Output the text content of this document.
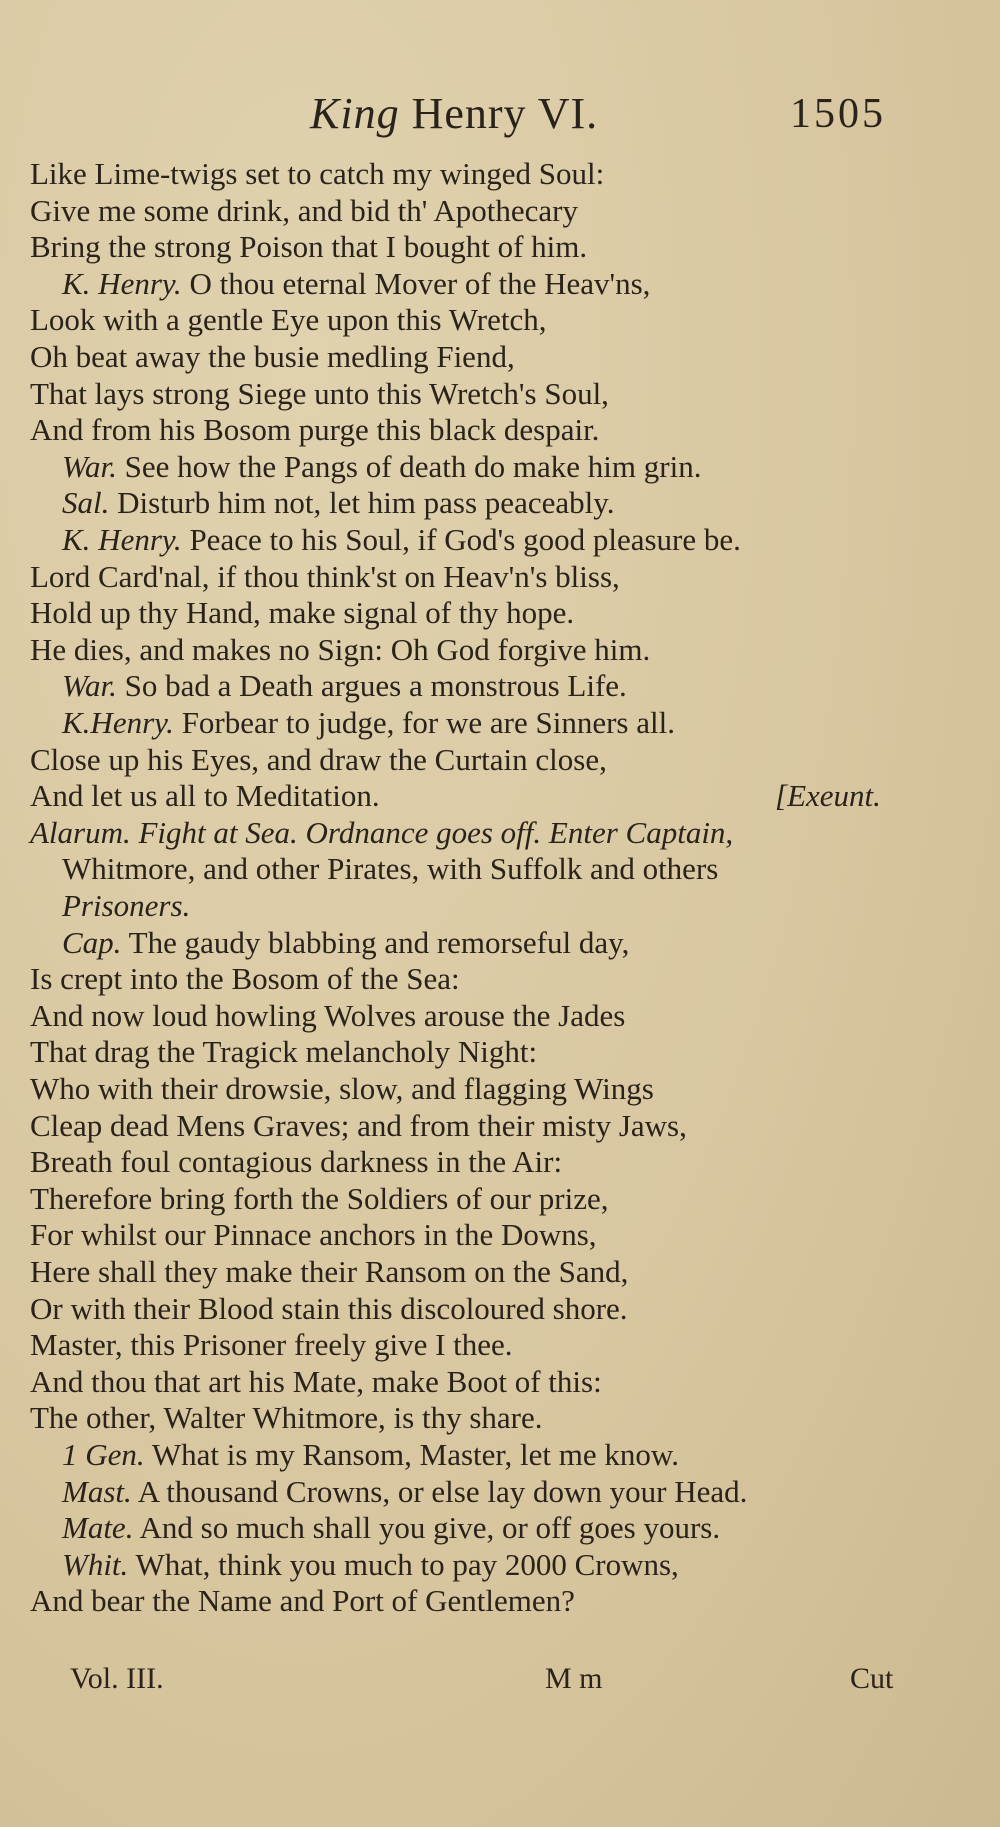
King Henry VI.	1505
Like Lime-twigs set to catch my winged Soul:
Give me some drink, and bid th' Apothecary
Bring the strong Poison that I bought of him.
K. Henry. O thou eternal Mover of the Heav'ns,
Look with a gentle Eye upon this Wretch,
Oh beat away the busie medling Fiend,
That lays strong Siege unto this Wretch's Soul,
And from his Bosom purge this black despair.
War. See how the Pangs of death do make him grin.
Sal. Disturb him not, let him pass peaceably.
K. Henry. Peace to his Soul, if God's good pleasure be.
Lord Card'nal, if thou think'st on Heav'n's bliss,
Hold up thy Hand, make signal of thy hope.
He dies, and makes no Sign: Oh God forgive him.
War. So bad a Death argues a monstrous Life.
K.Henry. Forbear to judge, for we are Sinners all.
Close up his Eyes, and draw the Curtain close,
And let us all to Meditation.	[Exeunt.
Alarum. Fight at Sea. Ordnance goes off. Enter Captain,
Whitmore, and other Pirates, with Suffolk and others
Prisoners.
Cap. The gaudy blabbing and remorseful day,
Is crept into the Bosom of the Sea:
And now loud howling Wolves arouse the Jades
That drag the Tragick melancholy Night:
Who with their drowsie, slow, and flagging Wings
Cleap dead Mens Graves; and from their misty Jaws,
Breath foul contagious darkness in the Air:
Therefore bring forth the Soldiers of our prize,
For whilst our Pinnace anchors in the Downs,
Here shall they make their Ransom on the Sand,
Or with their Blood stain this discoloured shore.
Master, this Prisoner freely give I thee.
And thou that art his Mate, make Boot of this:
The other, Walter Whitmore, is thy share.
1 Gen. What is my Ransom, Master, let me know.
Mast. A thousand Crowns, or else lay down your Head.
Mate. And so much shall you give, or off goes yours.
Whit. What, think you much to pay 2000 Crowns,
And bear the Name and Port of Gentlemen?
Vol. III.	M m	Cut
